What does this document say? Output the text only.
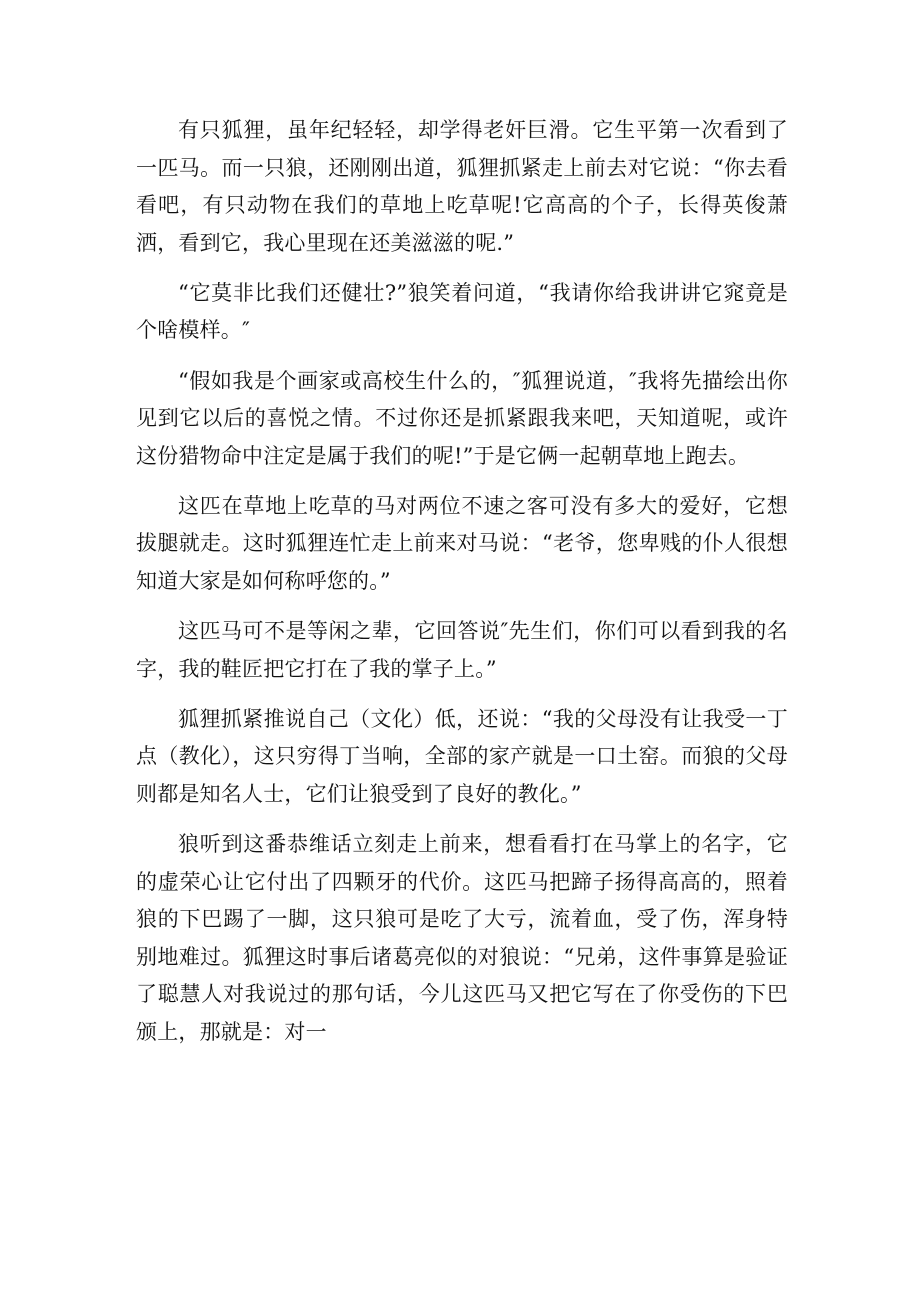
有只狐狸，虽年纪轻轻，却学得老奸巨滑。它生平第一次看到了一匹马。而一只狼，还刚刚出道，狐狸抓紧走上前去对它说：“你去看看吧，有只动物在我们的草地上吃草呢!它高高的个子，长得英俊萧洒，看到它，我心里现在还美滋滋的呢.”

“它莫非比我们还健壮?”狼笑着问道，“我请你给我讲讲它窕竟是个啥模样。″

“假如我是个画家或高校生什么的，″狐狸说道，″我将先描绘出你见到它以后的喜悦之情。不过你还是抓紧跟我来吧，天知道呢，或许这份猎物命中注定是属于我们的呢!”于是它俩一起朝草地上跑去。

这匹在草地上吃草的马对两位不速之客可没有多大的爱好，它想拔腿就走。这时狐狸连忙走上前来对马说：“老爷，您卑贱的仆人很想知道大家是如何称呼您的。”

这匹马可不是等闲之辈，它回答说″先生们，你们可以看到我的名字，我的鞋匠把它打在了我的掌子上。”

狐狸抓紧推说自己（文化）低，还说：“我的父母没有让我受一丁点（教化），这只穷得丁当响，全部的家产就是一口土窑。而狼的父母则都是知名人士，它们让狼受到了良好的教化。”

狼听到这番恭维话立刻走上前来，想看看打在马掌上的名字，它的虚荣心让它付出了四颗牙的代价。这匹马把蹄子扬得高高的，照着狼的下巴踢了一脚，这只狼可是吃了大亏，流着血，受了伤，浑身特别地难过。狐狸这时事后诸葛亮似的对狼说：“兄弟，这件事算是验证了聪慧人对我说过的那句话，今儿这匹马又把它写在了你受伤的下巴颁上，那就是：对一
